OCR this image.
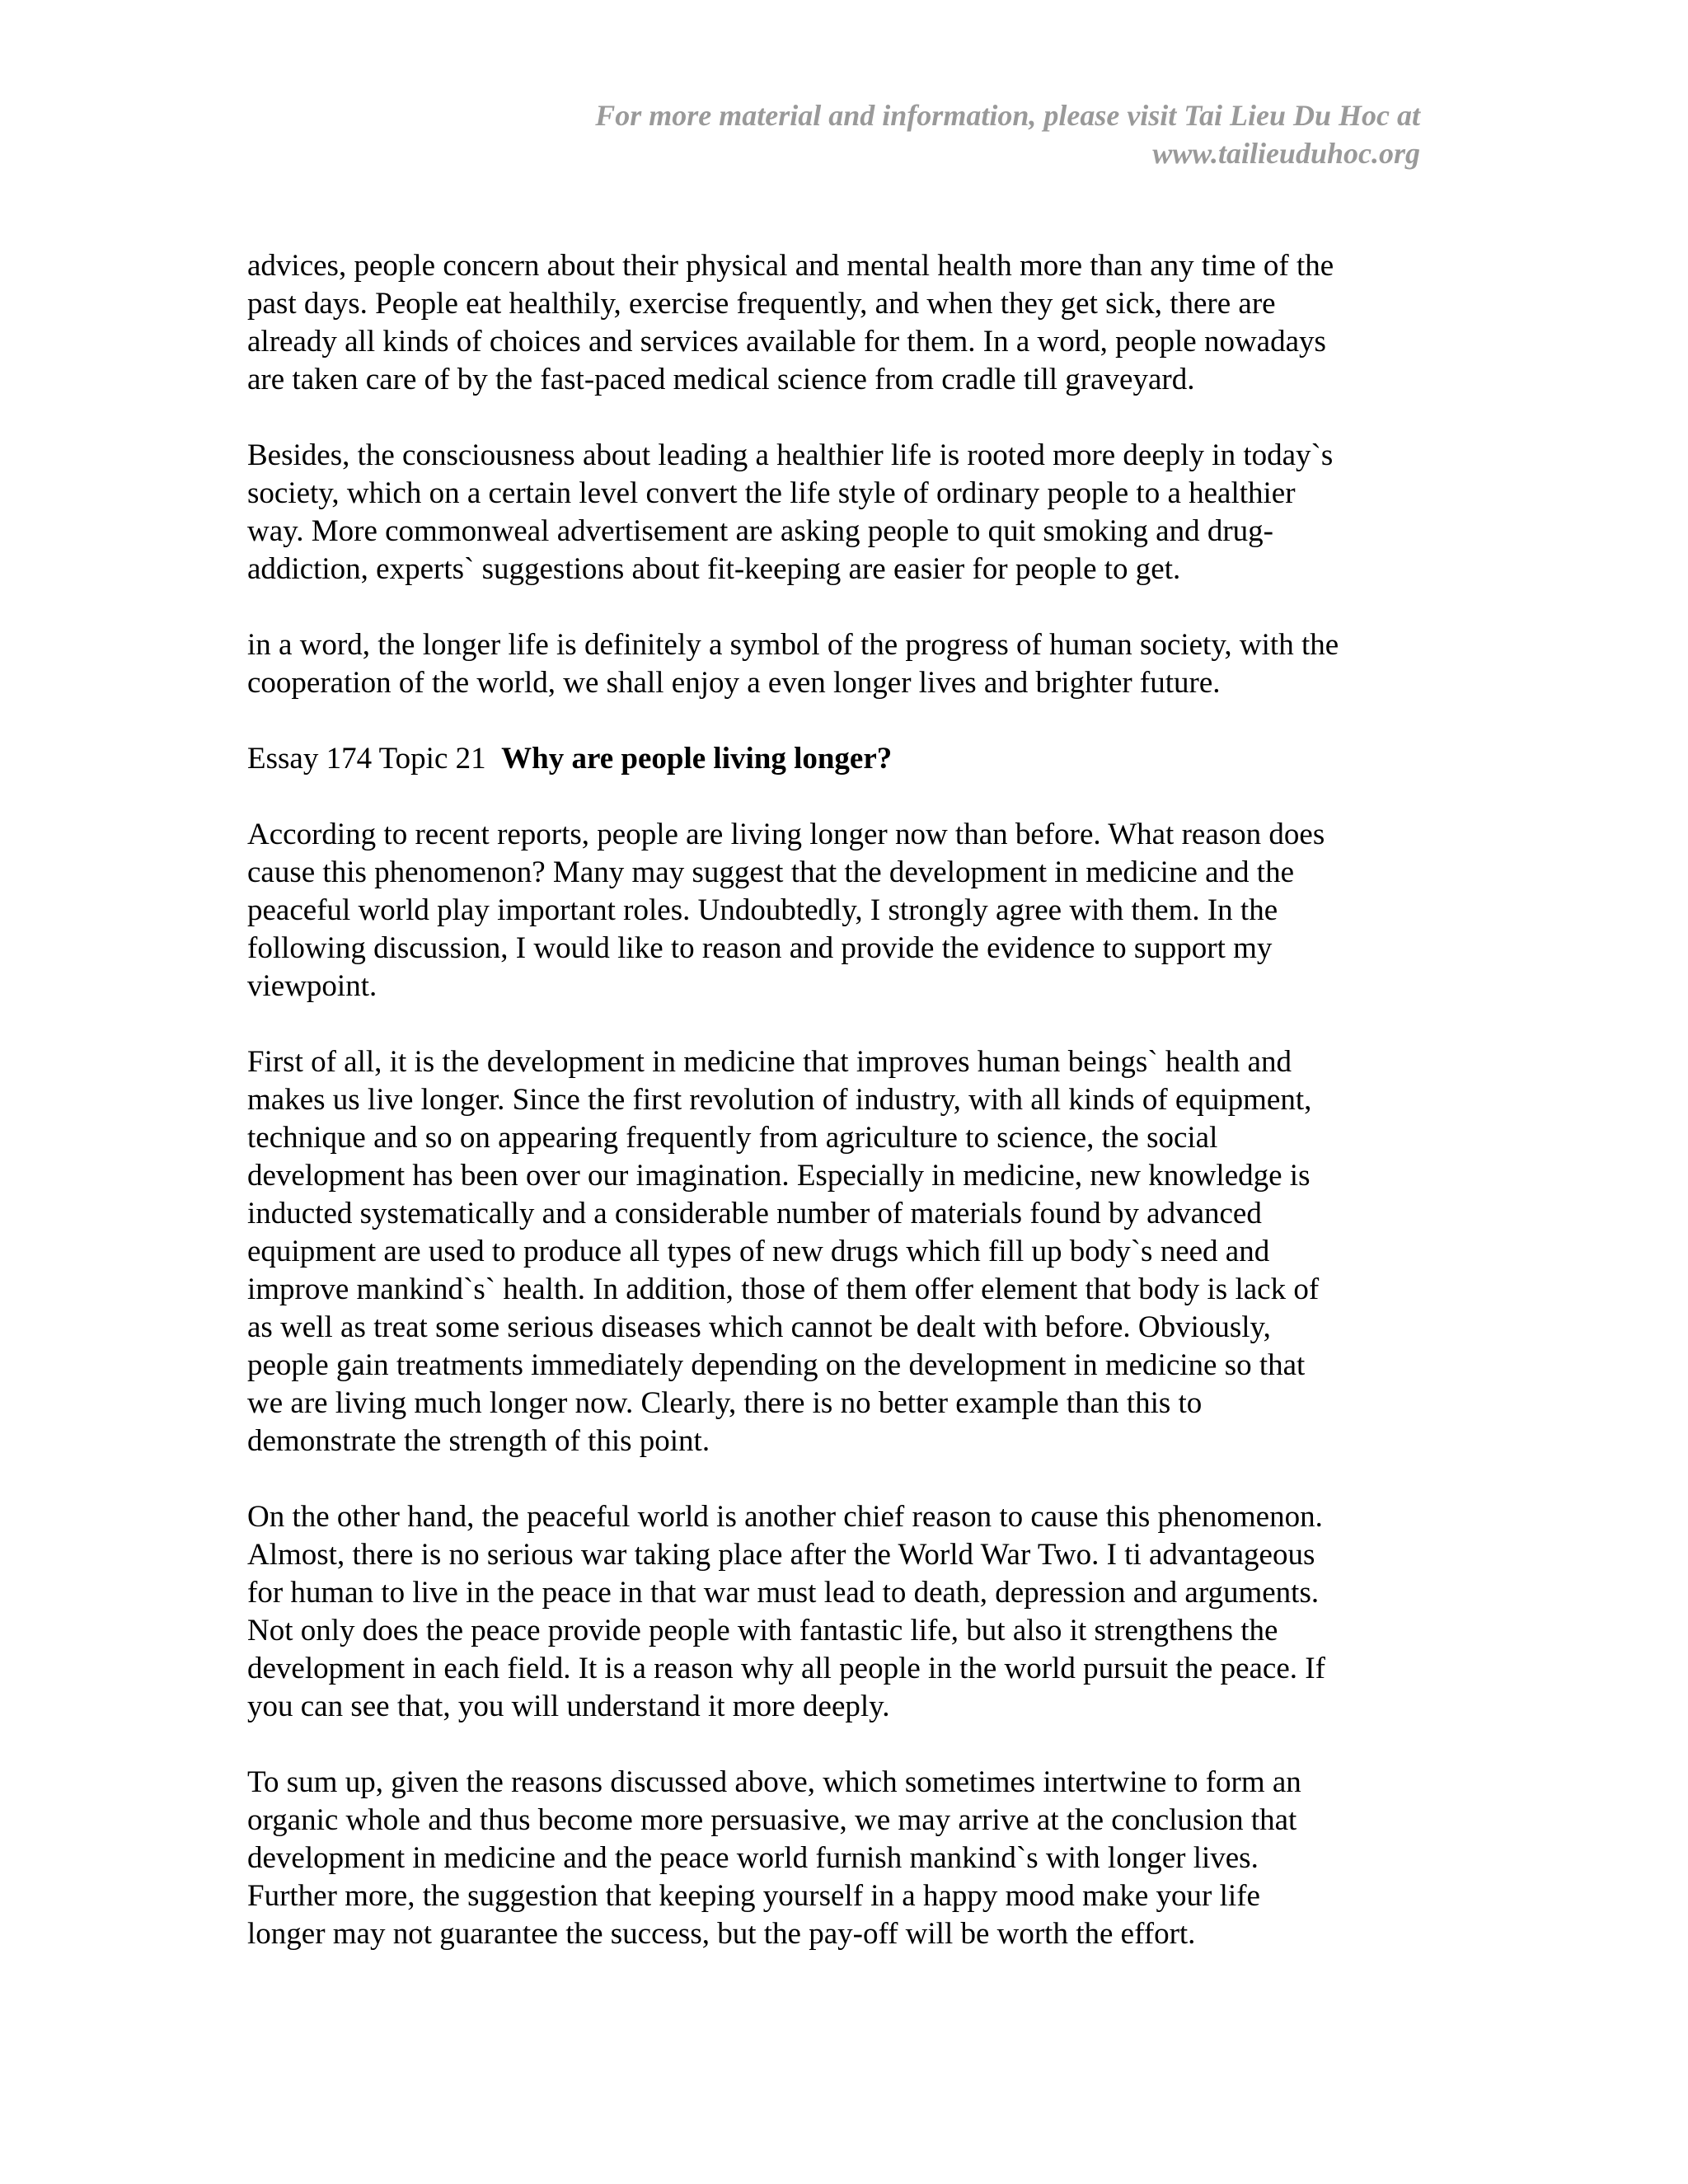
For more material and information, please visit Tai Lieu Du Hoc at
www.tailieuduhoc.org
advices, people concern about their physical and mental health more than any time of the
past days. People eat healthily, exercise frequently, and when they get sick, there are
already all kinds of choices and services available for them. In a word, people nowadays
are taken care of by the fast-paced medical science from cradle till graveyard.
Besides, the consciousness about leading a healthier life is rooted more deeply in today`s
society, which on a certain level convert the life style of ordinary people to a healthier
way. More commonweal advertisement are asking people to quit smoking and drug-
addiction, experts` suggestions about fit-keeping are easier for people to get.
in a word, the longer life is definitely a symbol of the progress of human society, with the
cooperation of the world, we shall enjoy a even longer lives and brighter future.
Essay 174 Topic 21  Why are people living longer?
According to recent reports, people are living longer now than before. What reason does
cause this phenomenon? Many may suggest that the development in medicine and the
peaceful world play important roles. Undoubtedly, I strongly agree with them. In the
following discussion, I would like to reason and provide the evidence to support my
viewpoint.
First of all, it is the development in medicine that improves human beings` health and
makes us live longer. Since the first revolution of industry, with all kinds of equipment,
technique and so on appearing frequently from agriculture to science, the social
development has been over our imagination. Especially in medicine, new knowledge is
inducted systematically and a considerable number of materials found by advanced
equipment are used to produce all types of new drugs which fill up body`s need and
improve mankind`s` health. In addition, those of them offer element that body is lack of
as well as treat some serious diseases which cannot be dealt with before. Obviously,
people gain treatments immediately depending on the development in medicine so that
we are living much longer now. Clearly, there is no better example than this to
demonstrate the strength of this point.
On the other hand, the peaceful world is another chief reason to cause this phenomenon.
Almost, there is no serious war taking place after the World War Two. I ti advantageous
for human to live in the peace in that war must lead to death, depression and arguments.
Not only does the peace provide people with fantastic life, but also it strengthens the
development in each field. It is a reason why all people in the world pursuit the peace. If
you can see that, you will understand it more deeply.
To sum up, given the reasons discussed above, which sometimes intertwine to form an
organic whole and thus become more persuasive, we may arrive at the conclusion that
development in medicine and the peace world furnish mankind`s with longer lives.
Further more, the suggestion that keeping yourself in a happy mood make your life
longer may not guarantee the success, but the pay-off will be worth the effort.
